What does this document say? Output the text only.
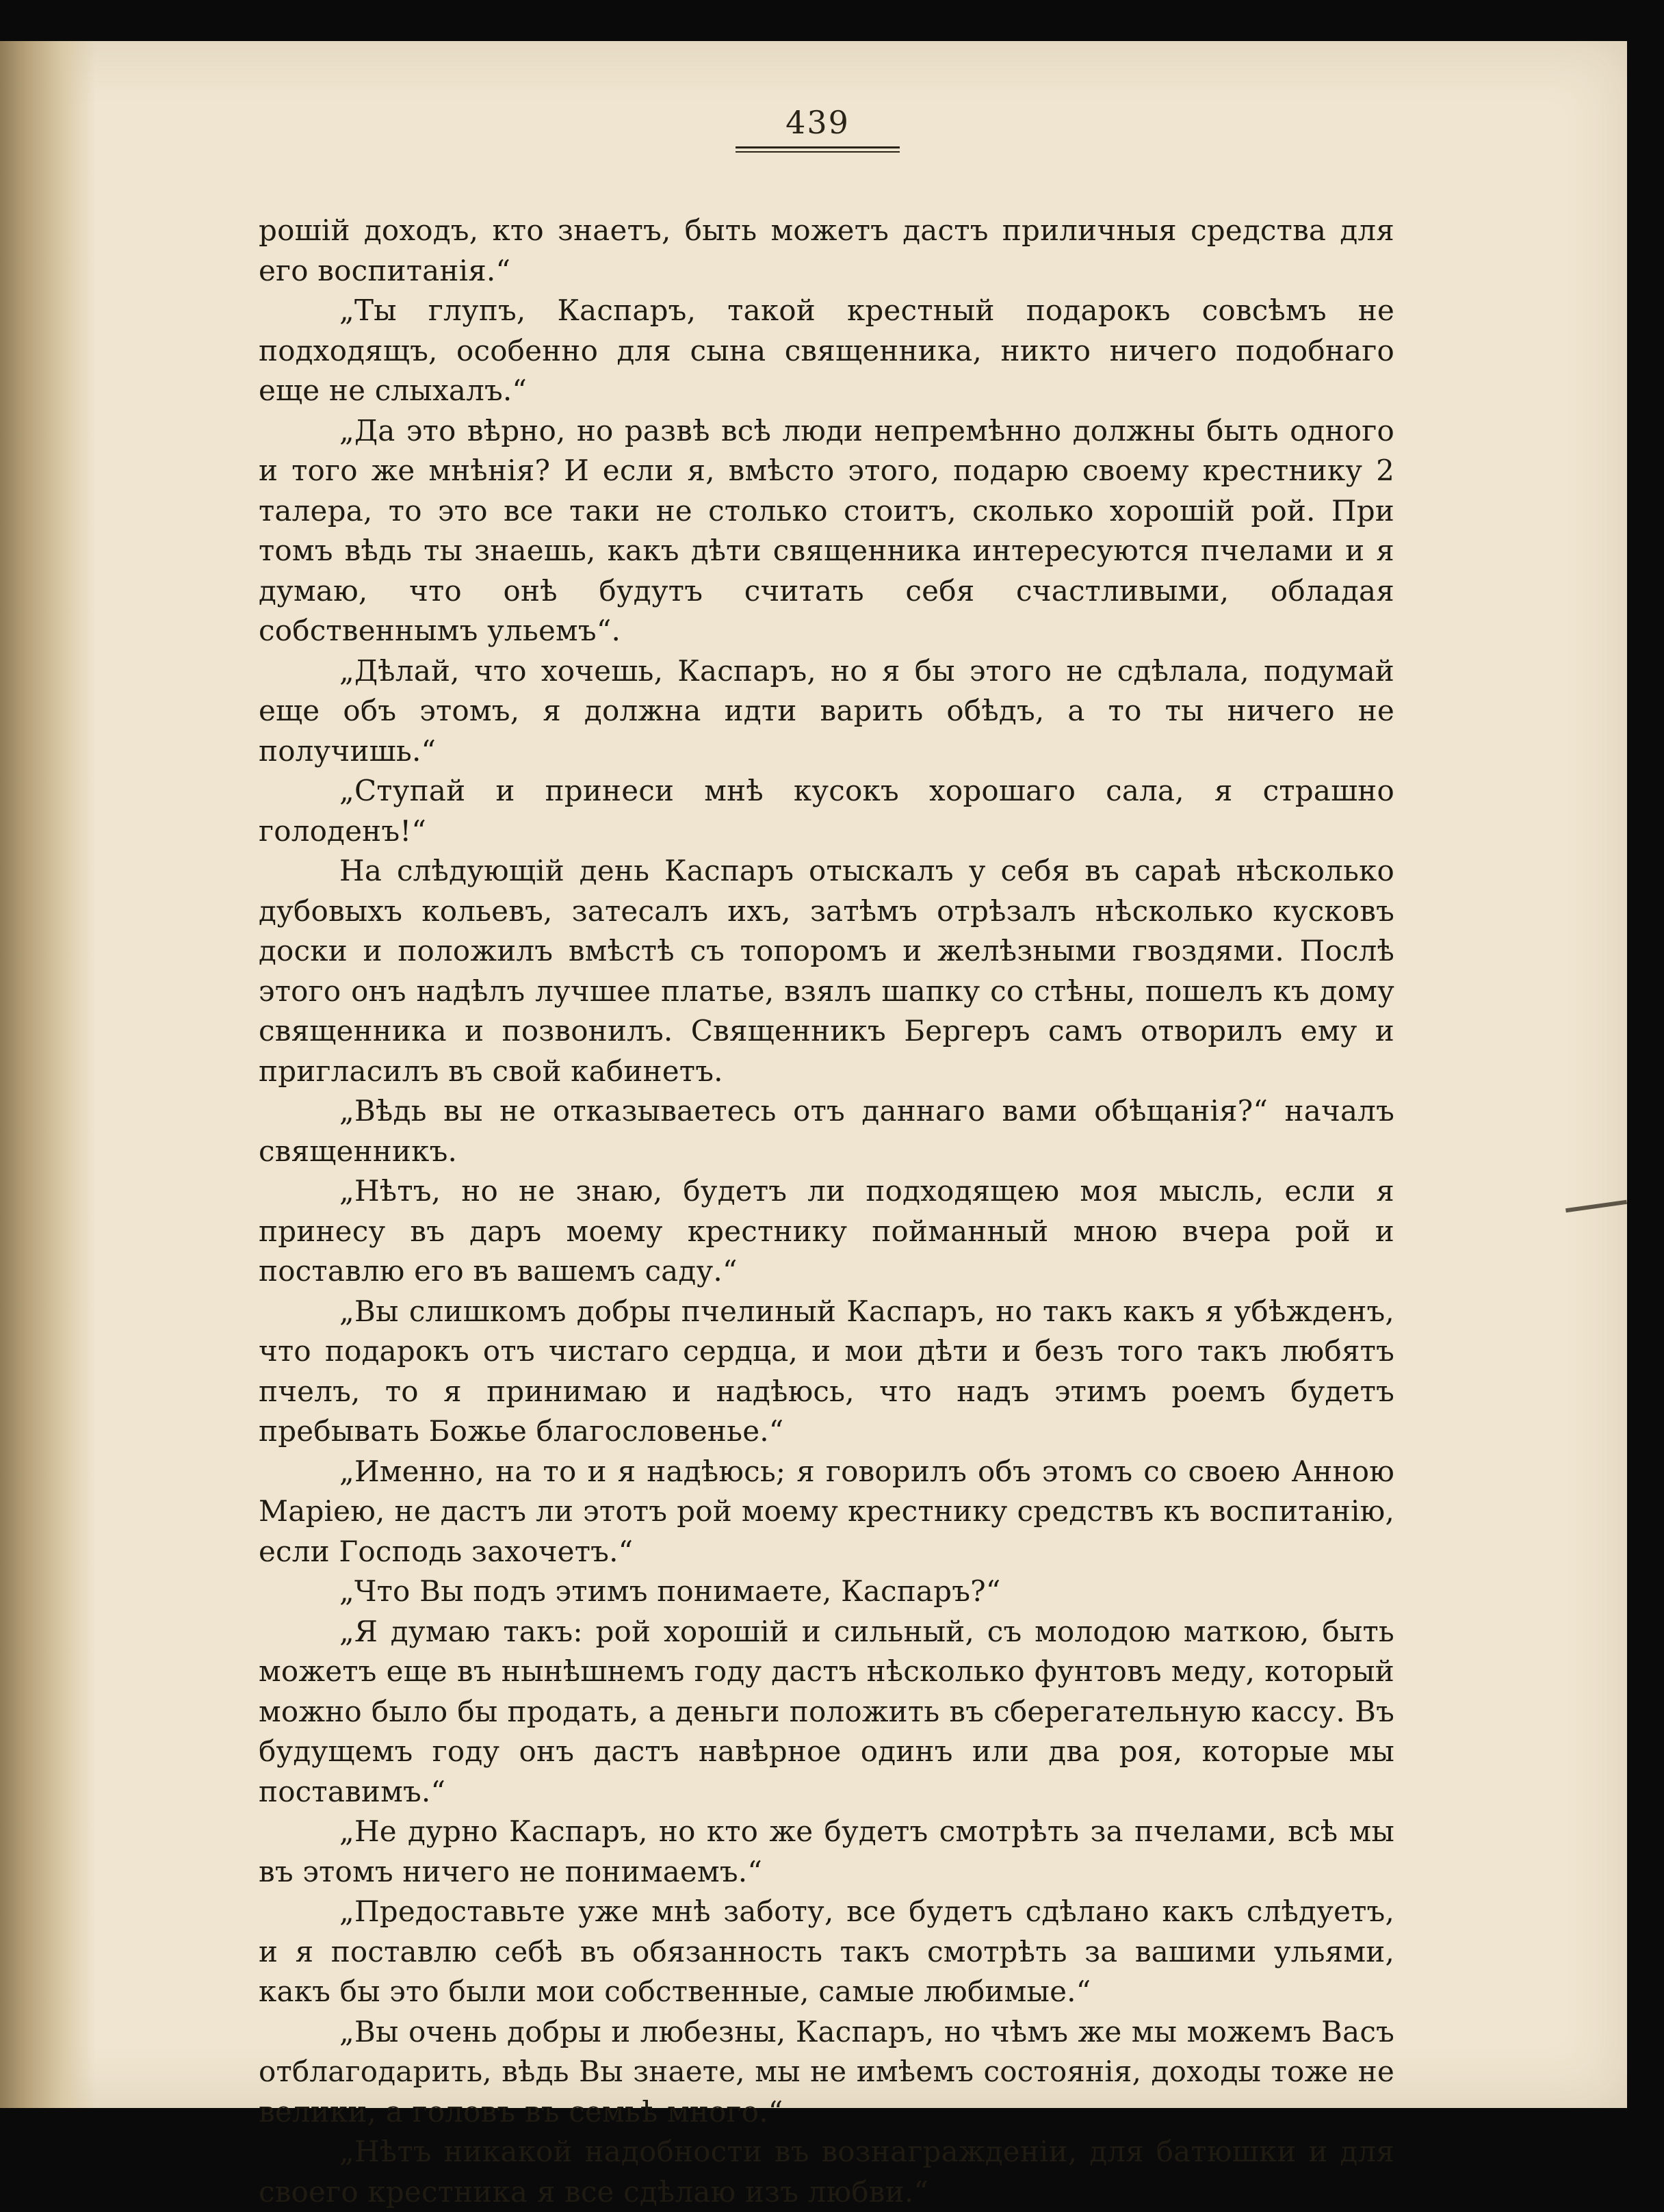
439

рошій доходъ, кто знаетъ, быть можетъ дастъ приличныя средства для его воспитанія.“

„Ты глупъ, Каспаръ, такой крестный подарокъ совсѣмъ не подходящъ, особенно для сына священника, никто ничего подобнаго еще не слыхалъ.“

„Да это вѣрно, но развѣ всѣ люди непремѣнно должны быть одного и того же мнѣнія? И если я, вмѣсто этого, подарю своему крестнику 2 талера, то это все таки не столько стоитъ, сколько хорошій рой. При томъ вѣдь ты знаешь, какъ дѣти священника интересуются пчелами и я думаю, что онѣ будутъ считать себя счастливыми, обладая собственнымъ ульемъ“.

„Дѣлай, что хочешь, Каспаръ, но я бы этого не сдѣлала, подумай еще объ этомъ, я должна идти варить обѣдъ, а то ты ничего не получишь.“

„Ступай и принеси мнѣ кусокъ хорошаго сала, я страшно голоденъ!“

На слѣдующій день Каспаръ отыскалъ у себя въ сараѣ нѣсколько дубовыхъ кольевъ, затесалъ ихъ, затѣмъ отрѣзалъ нѣсколько кусковъ доски и положилъ вмѣстѣ съ топоромъ и желѣзными гвоздями. Послѣ этого онъ надѣлъ лучшее платье, взялъ шапку со стѣны, пошелъ къ дому священника и позвонилъ. Священникъ Бергеръ самъ отворилъ ему и пригласилъ въ свой кабинетъ.

„Вѣдь вы не отказываетесь отъ даннаго вами обѣщанія?“ началъ священникъ.

„Нѣтъ, но не знаю, будетъ ли подходящею моя мысль, если я принесу въ даръ моему крестнику пойманный мною вчера рой и поставлю его въ вашемъ саду.“

„Вы слишкомъ добры пчелиный Каспаръ, но такъ какъ я убѣжденъ, что подарокъ отъ чистаго сердца, и мои дѣти и безъ того такъ любятъ пчелъ, то я принимаю и надѣюсь, что надъ этимъ роемъ будетъ пребывать Божье благословенье.“

„Именно, на то и я надѣюсь; я говорилъ объ этомъ со своею Анною Маріею, не дастъ ли этотъ рой моему крестнику средствъ къ воспитанію, если Господь захочетъ.“

„Что Вы подъ этимъ понимаете, Каспаръ?“

„Я думаю такъ: рой хорошій и сильный, съ молодою маткою, быть можетъ еще въ нынѣшнемъ году дастъ нѣсколько фунтовъ меду, который можно было бы продать, а деньги положить въ сберегательную кассу. Въ будущемъ году онъ дастъ навѣрное одинъ или два роя, которые мы поставимъ.“

„Не дурно Каспаръ, но кто же будетъ смотрѣть за пчелами, всѣ мы въ этомъ ничего не понимаемъ.“

„Предоставьте уже мнѣ заботу, все будетъ сдѣлано какъ слѣдуетъ, и я поставлю себѣ въ обязанность такъ смотрѣть за вашими ульями, какъ бы это были мои собственные, самые любимые.“

„Вы очень добры и любезны, Каспаръ, но чѣмъ же мы можемъ Васъ отблагодарить, вѣдь Вы знаете, мы не имѣемъ состоянія, доходы тоже не велики, а головъ въ семьѣ много.“

„Нѣтъ никакой надобности въ вознагражденіи, для батюшки и для своего крестника я все сдѣлаю изъ любви.“
